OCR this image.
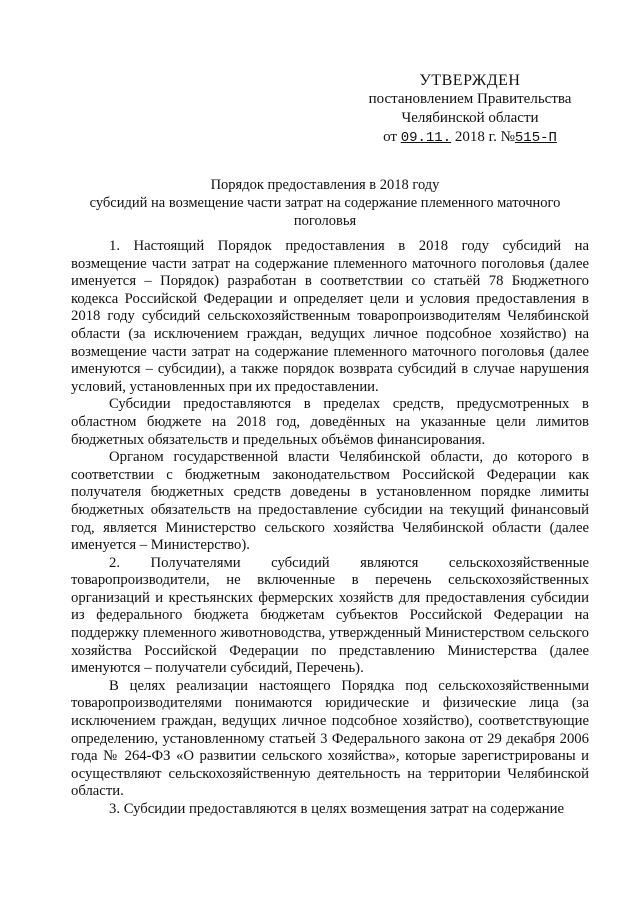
УТВЕРЖДЕН
постановлением Правительства
Челябинской области
от 09.11. 2018 г. №515-П
Порядок предоставления в 2018 году
субсидий на возмещение части затрат на содержание племенного маточного
поголовья

1. Настоящий Порядок предоставления в 2018 году субсидий на возмещение части затрат на содержание племенного маточного поголовья (далее именуется – Порядок) разработан в соответствии со статьёй 78 Бюджетного кодекса Российской Федерации и определяет цели и условия предоставления в 2018 году субсидий сельскохозяйственным товаропроизводителям Челябинской области (за исключением граждан, ведущих личное подсобное хозяйство) на возмещение части затрат на содержание племенного маточного поголовья (далее именуются – субсидии), а также порядок возврата субсидий в случае нарушения условий, установленных при их предоставлении.

Субсидии предоставляются в пределах средств, предусмотренных в областном бюджете на 2018 год, доведённых на указанные цели лимитов бюджетных обязательств и предельных объёмов финансирования.

Органом государственной власти Челябинской области, до которого в соответствии с бюджетным законодательством Российской Федерации как получателя бюджетных средств доведены в установленном порядке лимиты бюджетных обязательств на предоставление субсидии на текущий финансовый год, является Министерство сельского хозяйства Челябинской области (далее именуется – Министерство).

2. Получателями субсидий являются сельскохозяйственные товаропроизводители, не включенные в перечень сельскохозяйственных организаций и крестьянских фермерских хозяйств для предоставления субсидии из федерального бюджета бюджетам субъектов Российской Федерации на поддержку племенного животноводства, утвержденный Министерством сельского хозяйства Российской Федерации по представлению Министерства (далее именуются – получатели субсидий, Перечень).

В целях реализации настоящего Порядка под сельскохозяйственными товаропроизводителями понимаются юридические и физические лица (за исключением граждан, ведущих личное подсобное хозяйство), соответствующие определению, установленному статьей 3 Федерального закона от 29 декабря 2006 года № 264-ФЗ «О развитии сельского хозяйства», которые зарегистрированы и осуществляют сельскохозяйственную деятельность на территории Челябинской области.

3. Субсидии предоставляются в целях возмещения затрат на содержание
